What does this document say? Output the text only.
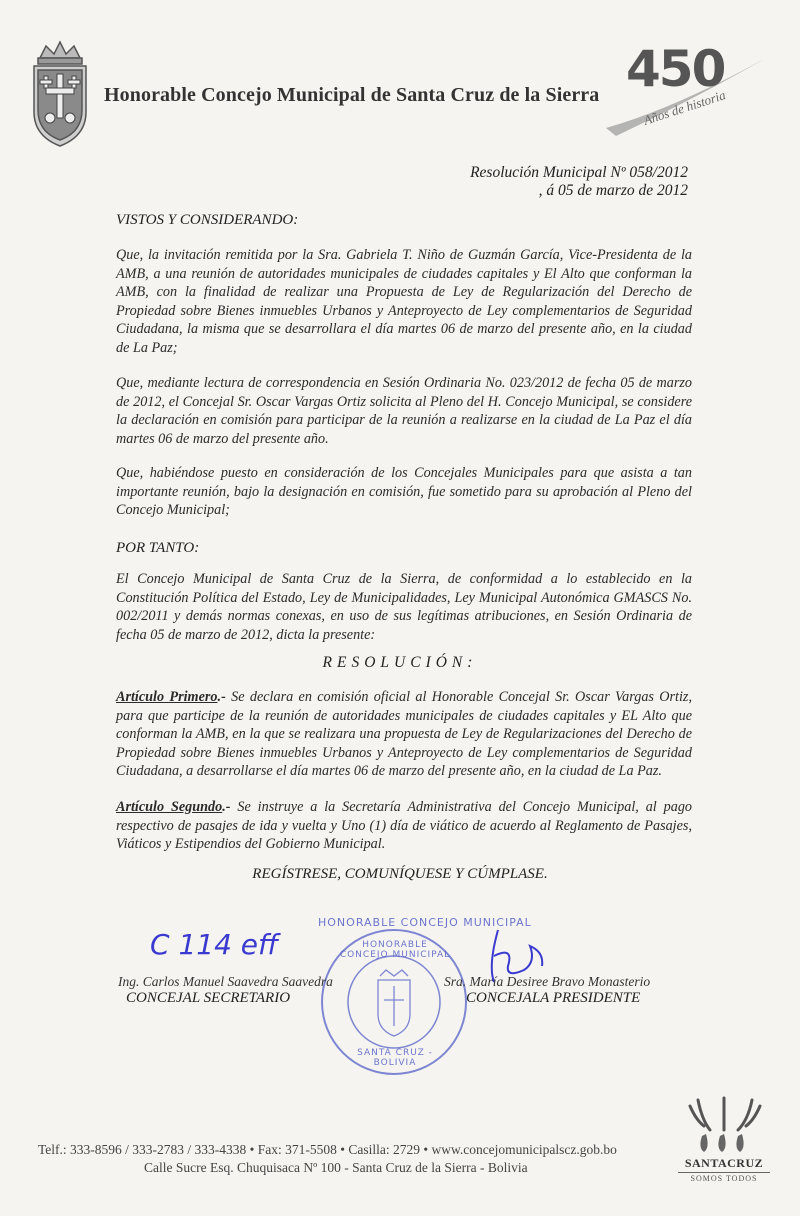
Honorable Concejo Municipal de Santa Cruz de la Sierra 450
Años de historia
Resolución Municipal Nº 058/2012
, á 05 de marzo de 2012
VISTOS Y CONSIDERANDO:
Que, la invitación remitida por la Sra. Gabriela T. Niño de Guzmán García, Vice-Presidenta de la AMB, a una reunión de autoridades municipales de ciudades capitales y El Alto que conforman la AMB, con la finalidad de realizar una Propuesta de Ley de Regularización del Derecho de Propiedad sobre Bienes inmuebles Urbanos y Anteproyecto de Ley complementarios de Seguridad Ciudadana, la misma que se desarrollara el día martes 06 de marzo del presente año, en la ciudad de La Paz;
Que, mediante lectura de correspondencia en Sesión Ordinaria No. 023/2012 de fecha 05 de marzo de 2012, el Concejal Sr. Oscar Vargas Ortiz solicita al Pleno del H. Concejo Municipal, se considere la declaración en comisión para participar de la reunión a realizarse en la ciudad de La Paz el día martes 06 de marzo del presente año.
Que, habiéndose puesto en consideración de los Concejales Municipales para que asista a tan importante reunión, bajo la designación en comisión, fue sometido para su aprobación al Pleno del Concejo Municipal;
El Concejo Municipal de Santa Cruz de la Sierra, de conformidad a lo establecido en la Constitución Política del Estado, Ley de Municipalidades, Ley Municipal Autonómica GMASCS No. 002/2011 y demás normas conexas, en uso de sus legítimas atribuciones, en Sesión Ordinaria de fecha 05 de marzo de 2012, dicta la presente:
POR TANTO:
RESOLUCIÓN:
Artículo Primero.- Se declara en comisión oficial al Honorable Concejal Sr. Oscar Vargas Ortiz, para que participe de la reunión de autoridades municipales de ciudades capitales y EL Alto que conforman la AMB, en la que se realizara una propuesta de Ley de Regularizaciones del Derecho de Propiedad sobre Bienes inmuebles Urbanos y Anteproyecto de Ley complementarios de Seguridad Ciudadana, a desarrollarse el día martes 06 de marzo del presente año, en la ciudad de La Paz.
Artículo Segundo.- Se instruye a la Secretaría Administrativa del Concejo Municipal, al pago respectivo de pasajes de ida y vuelta y Uno (1) día de viático de acuerdo al Reglamento de Pasajes, Viáticos y Estipendios del Gobierno Municipal.
REGÍSTRESE, COMUNÍQUESE Y CÚMPLASE.
C 114 eff
HONORABLE CONCEJO MUNICIPAL
HONORABLE CONCEJO MUNICIPAL
SANTA CRUZ - BOLIVIA
Ing. Carlos Manuel Saavedra Saavedra
CONCEJAL SECRETARIO
Sra. María Desiree Bravo Monasterio
CONCEJALA PRESIDENTE
Telf.: 333-8596 / 333-2783 / 333-4338 • Fax: 371-5508 • Casilla: 2729 • www.concejomunicipalscz.gob.bo
Calle Sucre Esq. Chuquisaca Nº 100 - Santa Cruz de la Sierra - Bolivia	SANTACRUZ
SOMOS TODOS
